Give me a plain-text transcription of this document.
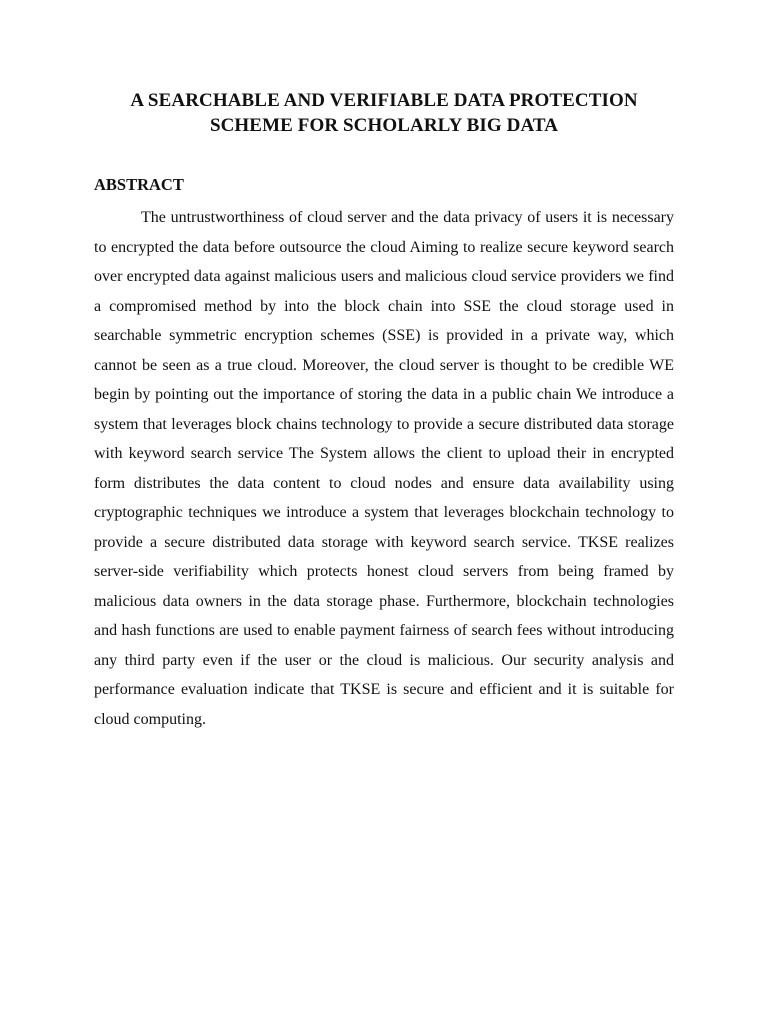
A SEARCHABLE AND VERIFIABLE DATA PROTECTION
SCHEME FOR SCHOLARLY BIG DATA
ABSTRACT

The untrustworthiness of cloud server and the data privacy of users it is necessary to encrypted the data before outsource the cloud Aiming to realize secure keyword search over encrypted data against malicious users and malicious cloud service providers we find a compromised method by into the block chain into SSE the cloud storage used in searchable symmetric encryption schemes (SSE) is provided in a private way, which cannot be seen as a true cloud. Moreover, the cloud server is thought to be credible WE begin by pointing out the importance of storing the data in a public chain We introduce a system that leverages block chains technology to provide a secure distributed data storage with keyword search service The System allows the client to upload their in encrypted form distributes the data content to cloud nodes and ensure data availability using cryptographic techniques we introduce a system that leverages blockchain technology to provide a secure distributed data storage with keyword search service. TKSE realizes server-side verifiability which protects honest cloud servers from being framed by malicious data owners in the data storage phase. Furthermore, blockchain technologies and hash functions are used to enable payment fairness of search fees without introducing any third party even if the user or the cloud is malicious. Our security analysis and performance evaluation indicate that TKSE is secure and efficient and it is suitable for cloud computing.
